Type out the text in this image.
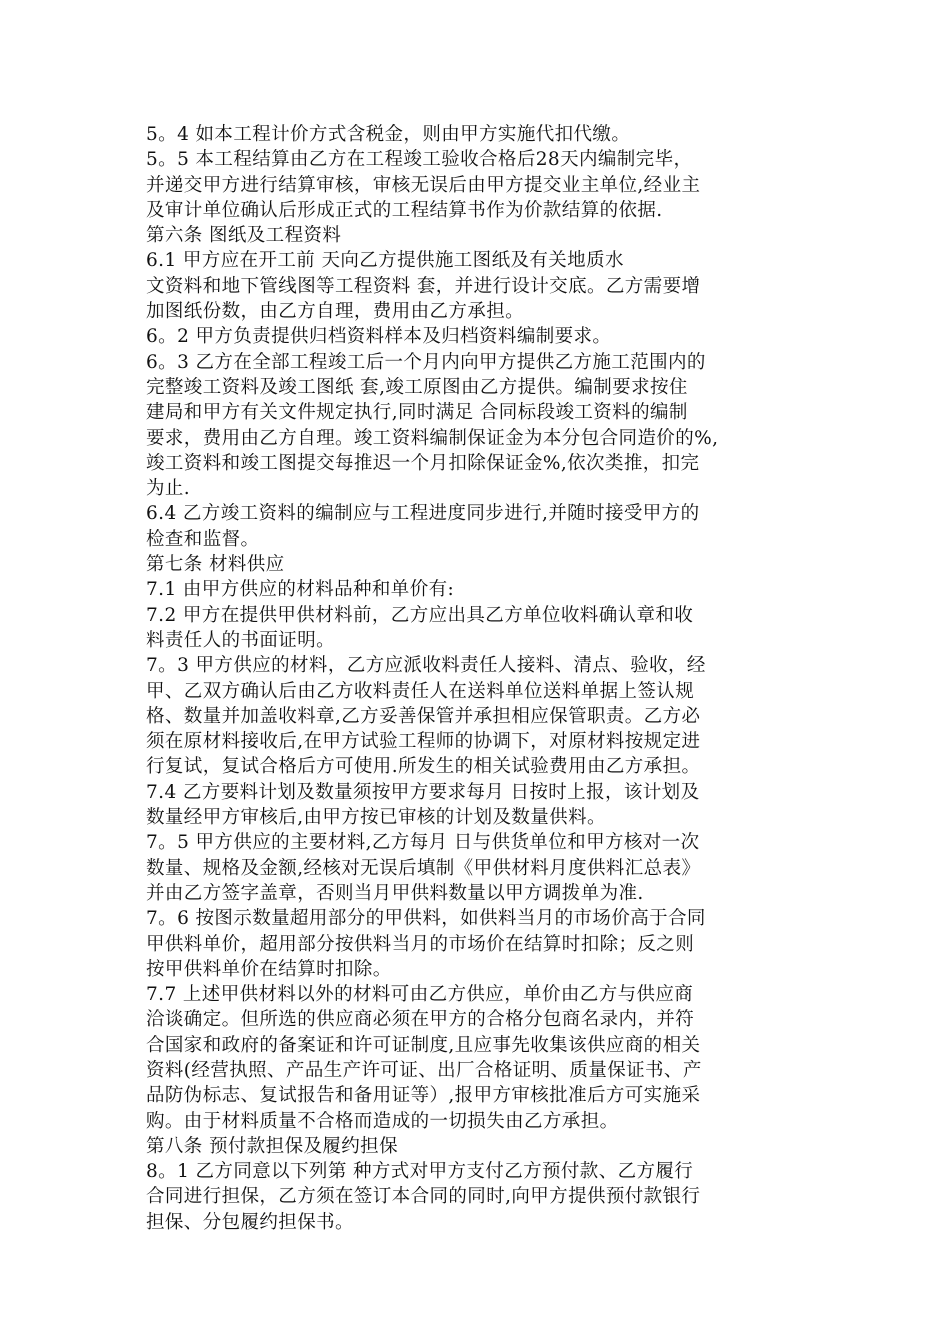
5。4 如本工程计价方式含税金，则由甲方实施代扣代缴。
5。5 本工程结算由乙方在工程竣工验收合格后28天内编制完毕，
并递交甲方进行结算审核，审核无误后由甲方提交业主单位,经业主
及审计单位确认后形成正式的工程结算书作为价款结算的依据.
第六条 图纸及工程资料
6.1 甲方应在开工前 天向乙方提供施工图纸及有关地质水
文资料和地下管线图等工程资料 套，并进行设计交底。乙方需要增
加图纸份数，由乙方自理，费用由乙方承担。
6。2 甲方负责提供归档资料样本及归档资料编制要求。
6。3 乙方在全部工程竣工后一个月内向甲方提供乙方施工范围内的
完整竣工资料及竣工图纸 套,竣工原图由乙方提供。编制要求按住
建局和甲方有关文件规定执行,同时满足 合同标段竣工资料的编制
要求，费用由乙方自理。竣工资料编制保证金为本分包合同造价的%,
竣工资料和竣工图提交每推迟一个月扣除保证金%,依次类推，扣完
为止.
6.4 乙方竣工资料的编制应与工程进度同步进行,并随时接受甲方的
检查和监督。
第七条 材料供应
7.1 由甲方供应的材料品种和单价有:
7.2 甲方在提供甲供材料前，乙方应出具乙方单位收料确认章和收
料责任人的书面证明。
7。3 甲方供应的材料，乙方应派收料责任人接料、清点、验收，经
甲、乙双方确认后由乙方收料责任人在送料单位送料单据上签认规
格、数量并加盖收料章,乙方妥善保管并承担相应保管职责。乙方必
须在原材料接收后,在甲方试验工程师的协调下，对原材料按规定进
行复试，复试合格后方可使用.所发生的相关试验费用由乙方承担。
7.4 乙方要料计划及数量须按甲方要求每月 日按时上报，该计划及
数量经甲方审核后,由甲方按已审核的计划及数量供料。
7。5 甲方供应的主要材料,乙方每月 日与供货单位和甲方核对一次
数量、规格及金额,经核对无误后填制《甲供材料月度供料汇总表》
并由乙方签字盖章，否则当月甲供料数量以甲方调拨单为准.
7。6 按图示数量超用部分的甲供料，如供料当月的市场价高于合同
甲供料单价，超用部分按供料当月的市场价在结算时扣除；反之则
按甲供料单价在结算时扣除。
7.7 上述甲供材料以外的材料可由乙方供应，单价由乙方与供应商
洽谈确定。但所选的供应商必须在甲方的合格分包商名录内，并符
合国家和政府的备案证和许可证制度,且应事先收集该供应商的相关
资料(经营执照、产品生产许可证、出厂合格证明、质量保证书、产
品防伪标志、复试报告和备用证等）,报甲方审核批准后方可实施采
购。由于材料质量不合格而造成的一切损失由乙方承担。
第八条 预付款担保及履约担保
8。1 乙方同意以下列第 种方式对甲方支付乙方预付款、乙方履行
合同进行担保，乙方须在签订本合同的同时,向甲方提供预付款银行
担保、分包履约担保书。
